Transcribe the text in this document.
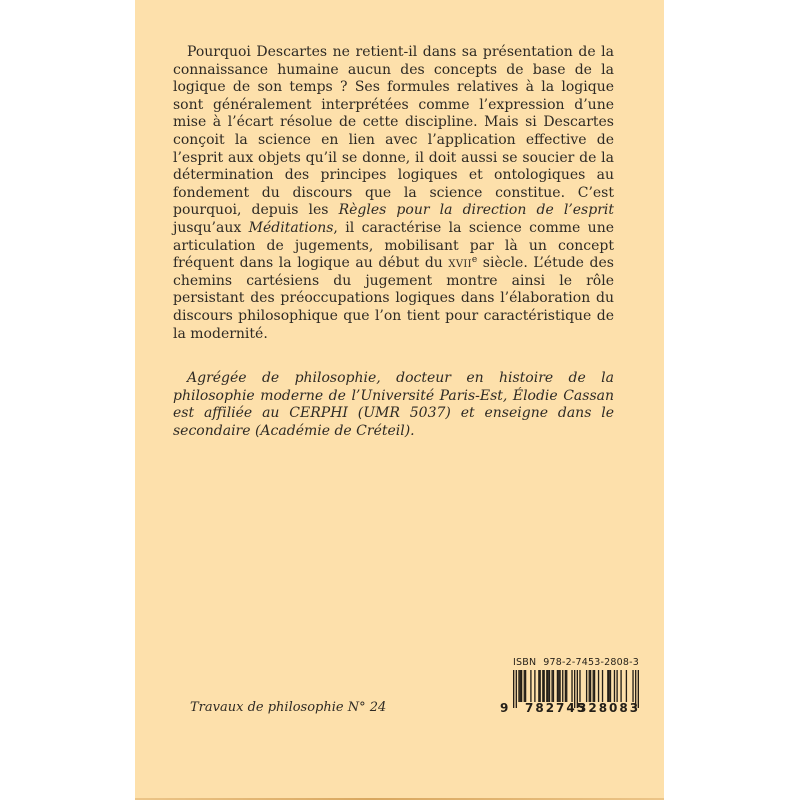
Pourquoi Descartes ne retient-il dans sa présentation de la connaissance humaine aucun des concepts de base de la logique de son temps ? Ses formules relatives à la logique sont généralement interprétées comme l’expression d’une mise à l’écart résolue de cette discipline. Mais si Descartes conçoit la science en lien avec l’application effective de l’esprit aux objets qu’il se donne, il doit aussi se soucier de la détermination des principes logiques et ontologiques au fondement du discours que la science constitue. C’est pourquoi, depuis les Règles pour la direction de l’esprit jusqu’aux Méditations, il caractérise la science comme une articulation de jugements, mobilisant par là un concept fréquent dans la logique au début du xvii$^e$ siècle. L’étude des chemins cartésiens du jugement montre ainsi le rôle persistant des préoccupations logiques dans l’élaboration du discours philosophique que l’on tient pour caractéristique de la modernité.

Agrégée de philosophie, docteur en histoire de la philosophie moderne de l’Université Paris-Est, Élodie Cassan est affiliée au CERPHI (UMR 5037) et enseigne dans le secondaire (Académie de Créteil).

Travaux de philosophie N° 24
ISBN 978-2-7453-2808-3
9 782745
328083
